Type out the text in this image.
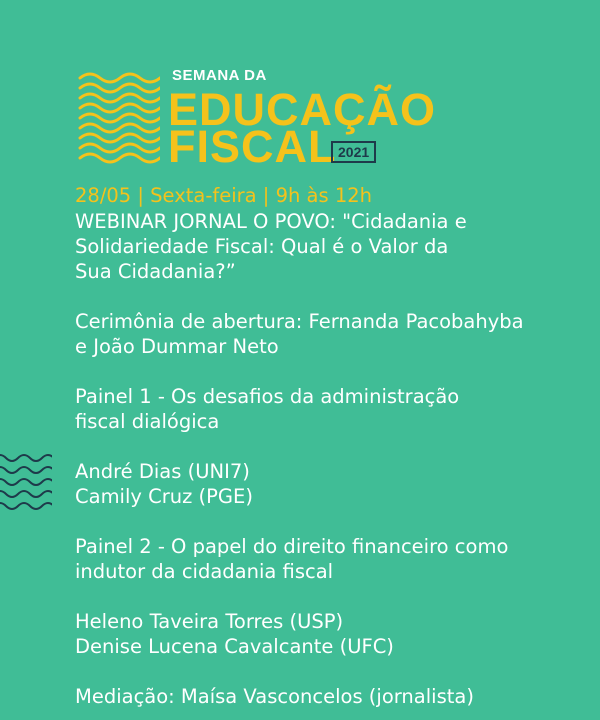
SEMANA DA
EDUCAÇÃO
FISCAL 2021
28/05 | Sexta-feira | 9h às 12h
WEBINAR JORNAL O POVO: "Cidadania e
Solidariedade Fiscal: Qual é o Valor da
Sua Cidadania?”
Cerimônia de abertura: Fernanda Pacobahyba
e João Dummar Neto
Painel 1 - Os desafios da administração
fiscal dialógica
André Dias (UNI7)
Camily Cruz (PGE)
Painel 2 - O papel do direito financeiro como
indutor da cidadania fiscal
Heleno Taveira Torres (USP)
Denise Lucena Cavalcante (UFC)
Mediação: Maísa Vasconcelos (jornalista)
